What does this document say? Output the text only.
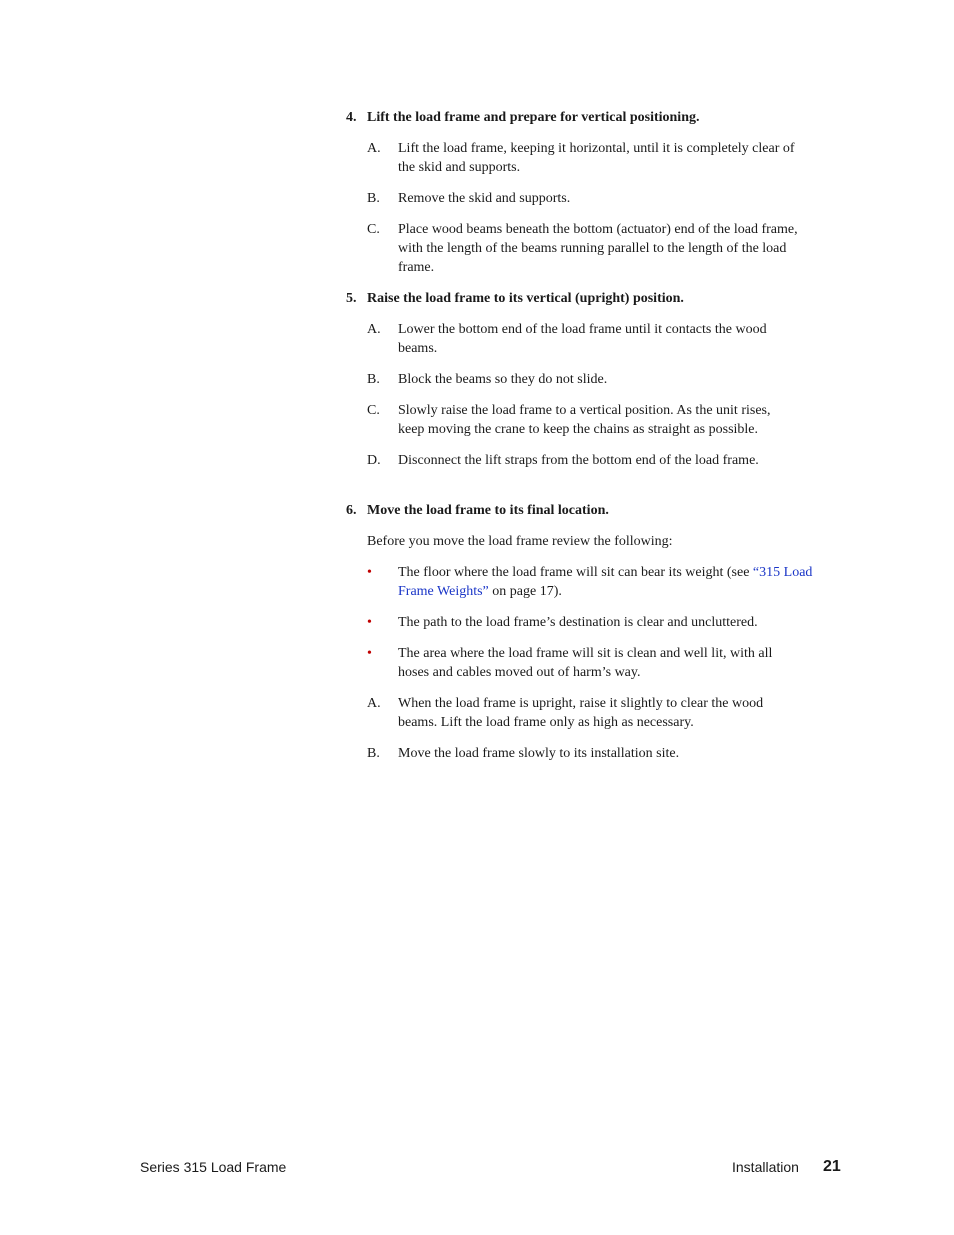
4. Lift the load frame and prepare for vertical positioning.
A.	Lift the load frame, keeping it horizontal, until it is completely clear of the skid and supports.
B.	Remove the skid and supports.
C.	Place wood beams beneath the bottom (actuator) end of the load frame, with the length of the beams running parallel to the length of the load frame.
5. Raise the load frame to its vertical (upright) position.
A.	Lower the bottom end of the load frame until it contacts the wood beams.
B.	Block the beams so they do not slide.
C.	Slowly raise the load frame to a vertical position. As the unit rises, keep moving the crane to keep the chains as straight as possible.
D.	Disconnect the lift straps from the bottom end of the load frame.
6. Move the load frame to its final location.
Before you move the load frame review the following:
•	The floor where the load frame will sit can bear its weight (see “315 Load Frame Weights” on page 17).
•	The path to the load frame’s destination is clear and uncluttered.
•	The area where the load frame will sit is clean and well lit, with all hoses and cables moved out of harm’s way.
A.	When the load frame is upright, raise it slightly to clear the wood beams. Lift the load frame only as high as necessary.
B.	Move the load frame slowly to its installation site.
Series 315 Load Frame	Installation 21
